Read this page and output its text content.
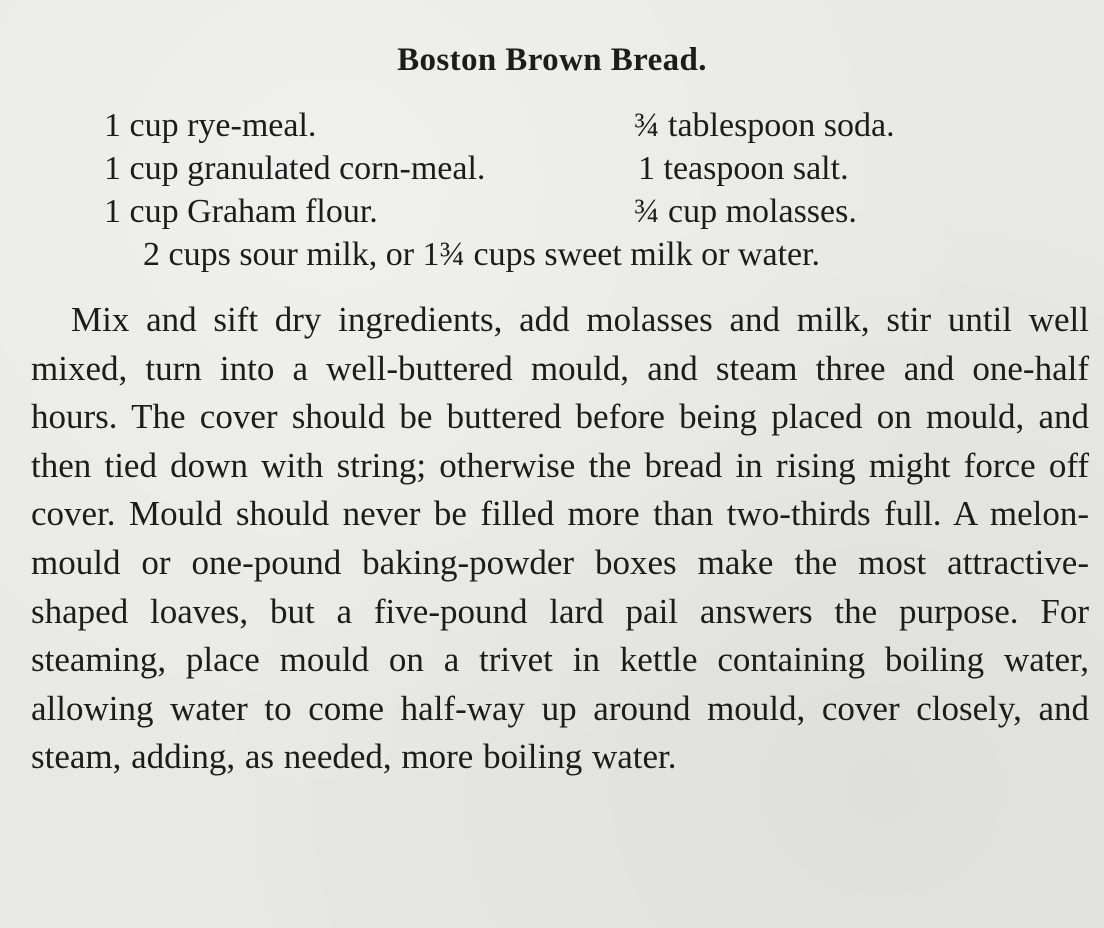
Boston Brown Bread.
1 cup rye-meal.	¾ tablespoon soda.
1 cup granulated corn-meal.	1 teaspoon salt.
1 cup Graham flour.	¾ cup molasses.
2 cups sour milk, or 1¾ cups sweet milk or water.

Mix and sift dry ingredients, add molasses and milk, stir until well mixed, turn into a well-buttered mould, and steam three and one-half hours. The cover should be buttered before being placed on mould, and then tied down with string; otherwise the bread in rising might force off cover. Mould should never be filled more than two-thirds full. A melon-mould or one-pound baking-powder boxes make the most attractive-shaped loaves, but a five-pound lard pail answers the purpose. For steaming, place mould on a trivet in kettle containing boiling water, allowing water to come half-way up around mould, cover closely, and steam, adding, as needed, more boiling water.
